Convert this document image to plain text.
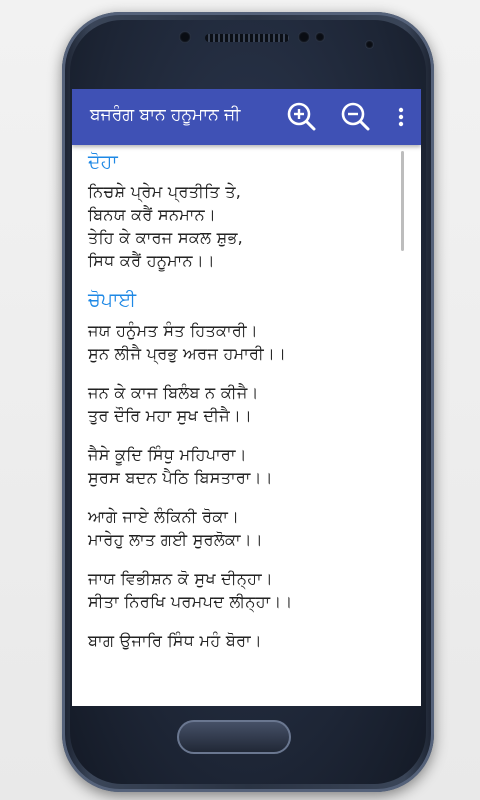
ਬਜਰੰਗ ਬਾਨ ਹਨੂਮਾਨ ਜੀ
ਦੋਹਾ
ਨਿਚਸ਼ੇ ਪ੍ਰੇਮ ਪ੍ਰਤੀਤਿ ਤੇ,
ਬਿਨਯ ਕਰੈਂ ਸਨਮਾਨ।
ਤੇਹਿ ਕੇ ਕਾਰਜ ਸਕਲ ਸ਼ੁਭ,
ਸਿਧ ਕਰੈਂ ਹਨੂਮਾਨ।।
ਚੋਪਾਈ
ਜਯ ਹਨੁੰਮਤ ਸੰਤ ਹਿਤਕਾਰੀ।
ਸੁਨ ਲੀਜੈ ਪ੍ਰਭੁ ਅਰਜ ਹਮਾਰੀ।।
ਜਨ ਕੇ ਕਾਜ ਬਿਲੰਬ ਨ ਕੀਜੈ।
ਤੁਰ ਦੌਰਿ ਮਹਾ ਸੁਖ ਦੀਜੈ।।
ਜੈਸੇ ਕੂਦਿ ਸਿੰਧੁ ਮਹਿਪਾਰਾ।
ਸੁਰਸ ਬਦਨ ਪੈਠਿ ਬਿਸਤਾਰਾ।।
ਆਗੇ ਜਾਏ ਲੰਕਿਨੀ ਰੋਕਾ।
ਮਾਰੇਹੁ ਲਾਤ ਗਈ ਸੁਰਲੋਕਾ।।
ਜਾਯ ਵਿਭੀਸ਼ਨ ਕੋ ਸੁਖ ਦੀਨ੍ਹਾ।
ਸੀਤਾ ਨਿਰਖਿ ਪਰਮਪਦ ਲੀਨ੍ਹਾ।।
ਬਾਗ ਉਜਾਰਿ ਸਿੰਧ ਮਹੰ ਬੋਰਾ।
